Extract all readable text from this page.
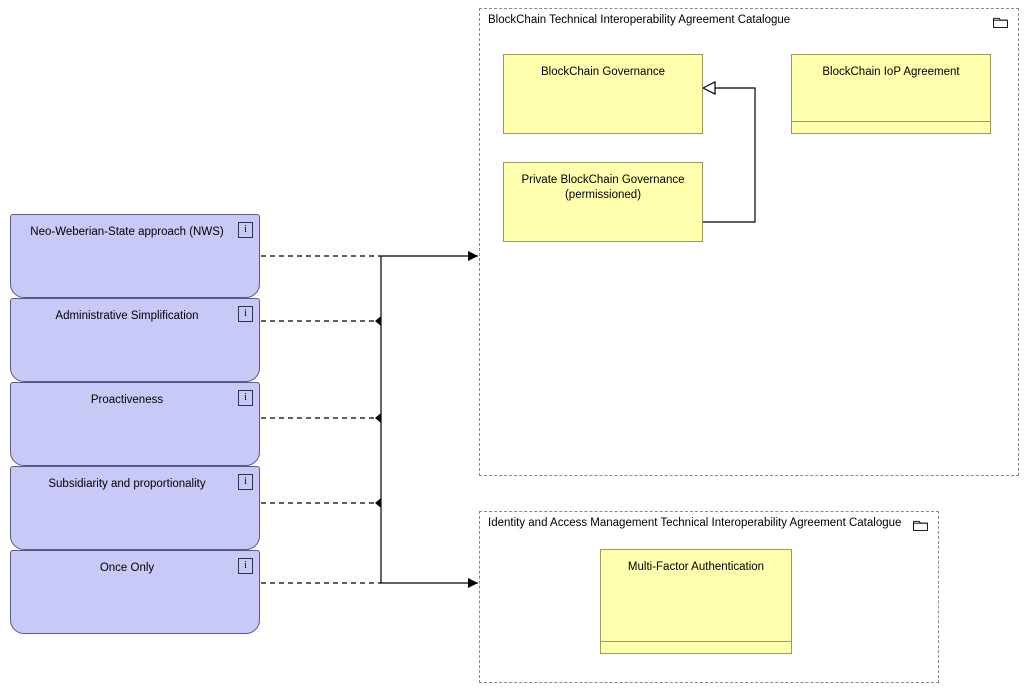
BlockChain Technical Interoperability Agreement Catalogue
Identity and Access Management Technical Interoperability Agreement Catalogue
BlockChain Governance	BlockChain IoP Agreement
Private BlockChain Governance (permissioned)
Multi-Factor Authentication
Neo-Weberian-State approach (NWS)	i
Administrative Simplification	i
Proactiveness	i
Subsidiarity and proportionality	i
Once Only	i
